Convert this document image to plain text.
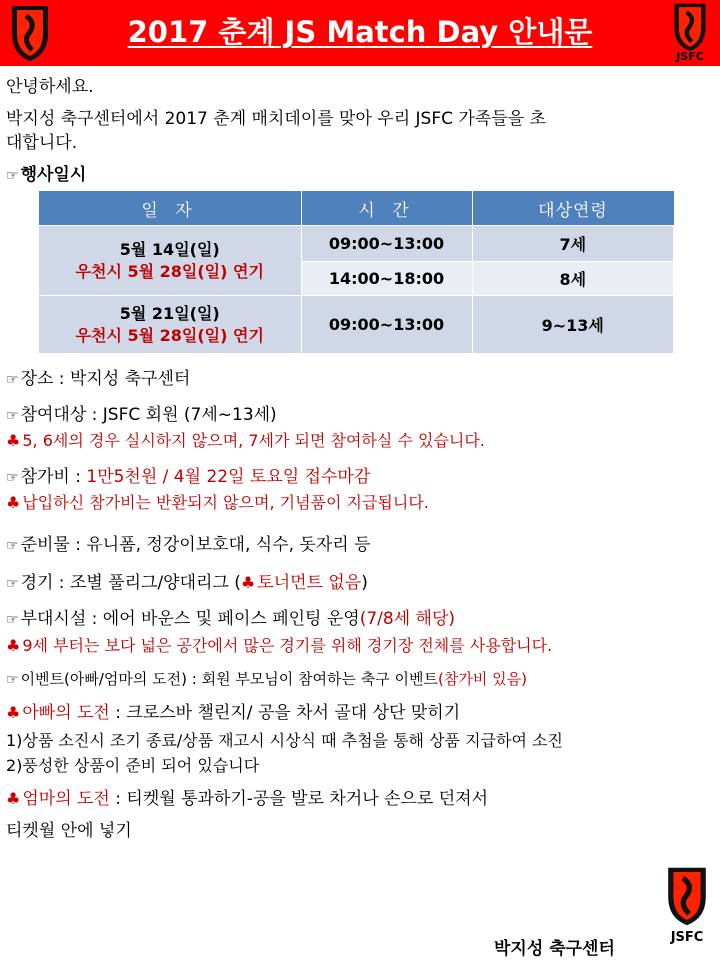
2017 춘계 JS Match Day 안내문
JSFC
안녕하세요.
박지성 축구센터에서 2017 춘계 매치데이를 맞아 우리 JSFC 가족들을 초
대합니다.
☞ 행사일시
일 자	시 간	대상연령

5월 14일(일)
우천시 5월 28일(일) 연기	09:00~13:00	7세
	14:00~18:00	8세

5월 21일(일)
우천시 5월 28일(일) 연기	09:00~13:00	9~13세
☞ 장소 : 박지성 축구센터
☞ 참여대상 : JSFC 회원 (7세~13세)
♣ 5, 6세의 경우 실시하지 않으며, 7세가 되면 참여하실 수 있습니다.
☞ 참가비 : 1만5천원 / 4월 22일 토요일 접수마감
♣ 납입하신 참가비는 반환되지 않으며, 기념품이 지급됩니다.
☞ 준비물 : 유니폼, 정강이보호대, 식수, 돗자리 등
☞ 경기 : 조별 풀리그/양대리그 (♣ 토너먼트 없음)
☞ 부대시설 : 에어 바운스 및 페이스 페인팅 운영(7/8세 해당)
♣ 9세 부터는 보다 넓은 공간에서 많은 경기를 위해 경기장 전체를 사용합니다.
☞ 이벤트(아빠/엄마의 도전) : 회원 부모님이 참여하는 축구 이벤트(참가비 있음)
♣ 아빠의 도전 : 크로스바 챌린지/ 공을 차서 골대 상단 맞히기
1)상품 소진시 조기 종료/상품 재고시 시상식 때 추첨을 통해 상품 지급하여 소진
2)풍성한 상품이 준비 되어 있습니다
♣ 엄마의 도전 : 티켓월 통과하기-공을 발로 차거나 손으로 던져서
티켓월 안에 넣기
JSFC
박지성 축구센터
